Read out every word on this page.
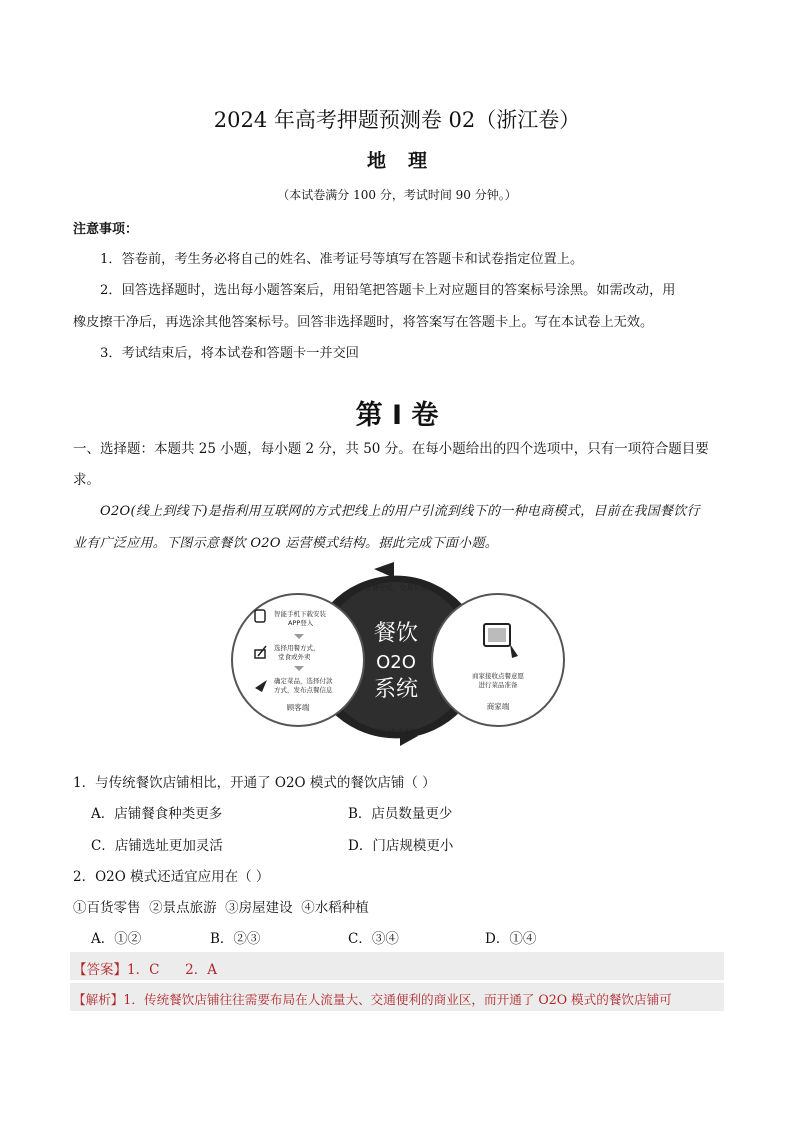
2024 年高考押题预测卷 02（浙江卷）
地理
（本试卷满分 100 分，考试时间 90 分钟。）
注意事项：
1．答卷前，考生务必将自己的姓名、准考证号等填写在答题卡和试卷指定位置上。
2．回答选择题时，选出每小题答案后，用铅笔把答题卡上对应题目的答案标号涂黑。如需改动，用
橡皮擦干净后，再选涂其他答案标号。回答非选择题时，将答案写在答题卡上。写在本试卷上无效。
3．考试结束后，将本试卷和答题卡一并交回
第 I 卷
一、选择题：本题共 25 小题，每小题 2 分，共 50 分。在每小题给出的四个选项中，只有一项符合题目要
求。
O2O(线上到线下)是指利用互联网的方式把线上的用户引流到线下的一种电商模式，目前在我国餐饮行
业有广泛应用。下图示意餐饮 O2O 运营模式结构。据此完成下面小题。
餐饮
O2O
系统
送餐完成，交易完成
无线连接
智能手机下载安装
APP登入
选择用餐方式，
堂食或外卖
确定菜品，选择付款
方式，发布点餐信息
顾客端
商家接收点餐意愿
进行菜品准备
商家端
1．与传统餐饮店铺相比，开通了 O2O 模式的餐饮店铺（ ）
A．店铺餐食种类更多	B．店员数量更少
C．店铺选址更加灵活	D．门店规模更小
2．O2O 模式还适宜应用在（ ）
①百货零售  ②景点旅游  ③房屋建设  ④水稻种植
A．①②	B．②③	C．③④	D．①④
【答案】1．C      2．A
【解析】1．传统餐饮店铺往往需要布局在人流量大、交通便利的商业区，而开通了 O2O 模式的餐饮店铺可
